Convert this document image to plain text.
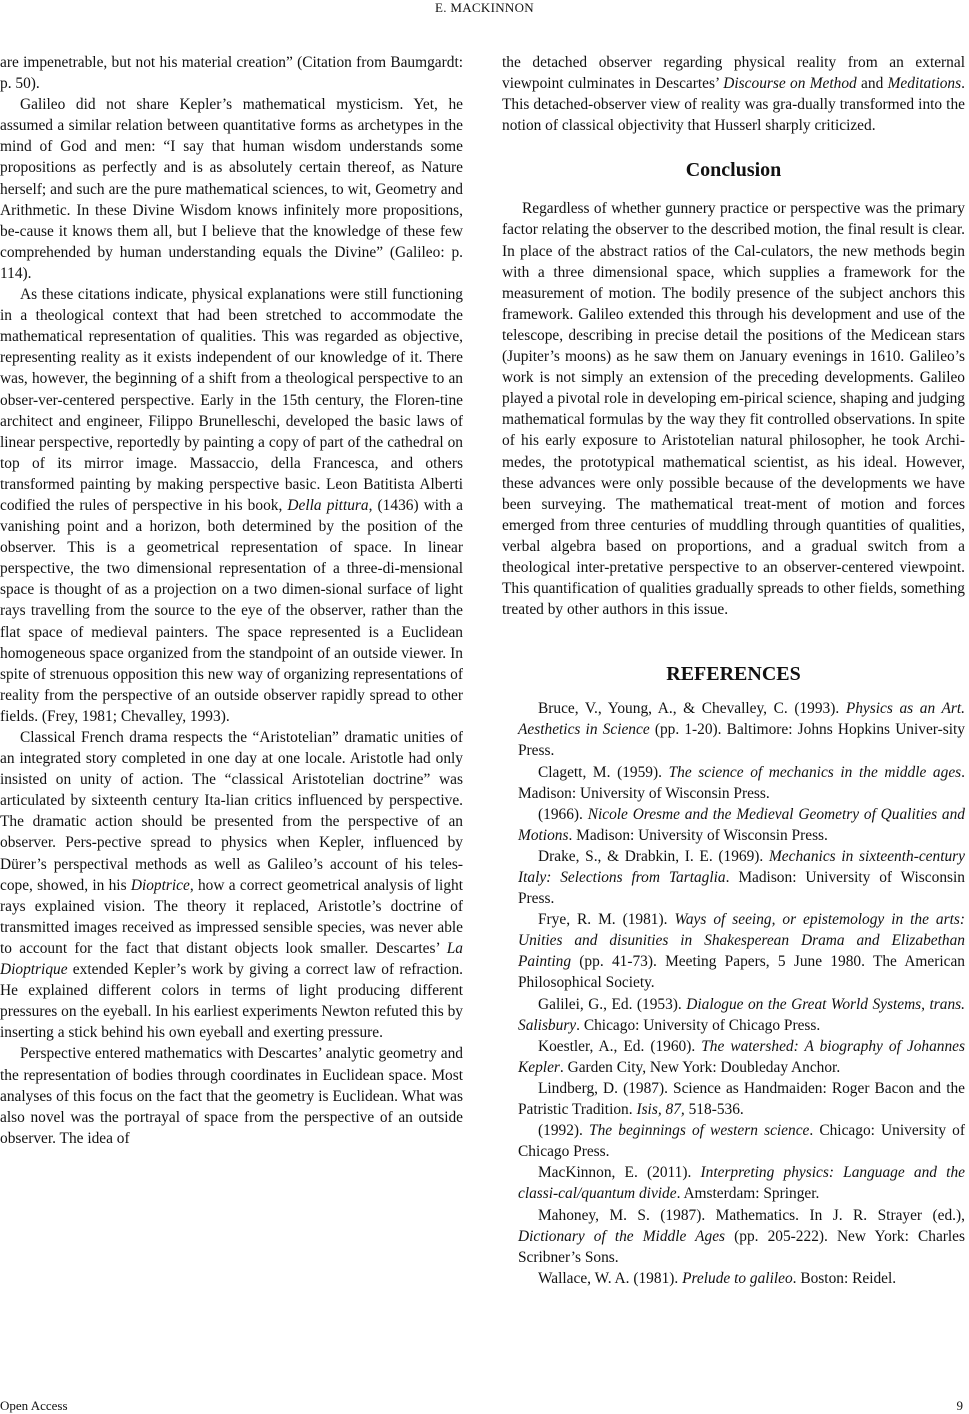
E. MACKINNON

are impenetrable, but not his material creation” (Citation from Baumgardt: p. 50).

Galileo did not share Kepler’s mathematical mysticism. Yet, he assumed a similar relation between quantitative forms as archetypes in the mind of God and men: “I say that human wisdom understands some propositions as perfectly and is as absolutely certain thereof, as Nature herself; and such are the pure mathematical sciences, to wit, Geometry and Arithmetic. In these Divine Wisdom knows infinitely more propositions, be-cause it knows them all, but I believe that the knowledge of these few comprehended by human understanding equals the Divine” (Galileo: p. 114).

As these citations indicate, physical explanations were still functioning in a theological context that had been stretched to accommodate the mathematical representation of qualities. This was regarded as objective, representing reality as it exists independent of our knowledge of it. There was, however, the beginning of a shift from a theological perspective to an obser-ver-centered perspective. Early in the 15th century, the Floren-tine architect and engineer, Filippo Brunelleschi, developed the basic laws of linear perspective, reportedly by painting a copy of part of the cathedral on top of its mirror image. Massaccio, della Francesca, and others transformed painting by making perspective basic. Leon Batitista Alberti codified the rules of perspective in his book, Della pittura, (1436) with a vanishing point and a horizon, both determined by the position of the observer. This is a geometrical representation of space. In linear perspective, the two dimensional representation of a three-di-mensional space is thought of as a projection on a two dimen-sional surface of light rays travelling from the source to the eye of the observer, rather than the flat space of medieval painters. The space represented is a Euclidean homogeneous space organized from the standpoint of an outside viewer. In spite of strenuous opposition this new way of organizing representations of reality from the perspective of an outside observer rapidly spread to other fields. (Frey, 1981; Chevalley, 1993).

Classical French drama respects the “Aristotelian” dramatic unities of an integrated story completed in one day at one locale. Aristotle had only insisted on unity of action. The “classical Aristotelian doctrine” was articulated by sixteenth century Ita-lian critics influenced by perspective. The dramatic action should be presented from the perspective of an observer. Pers-pective spread to physics when Kepler, influenced by Dürer’s perspectival methods as well as Galileo’s account of his teles-cope, showed, in his Dioptrice, how a correct geometrical analysis of light rays explained vision. The theory it replaced, Aristotle’s doctrine of transmitted images received as impressed sensible species, was never able to account for the fact that distant objects look smaller. Descartes’ La Dioptrique extended Kepler’s work by giving a correct law of refraction. He explained different colors in terms of light producing different pressures on the eyeball. In his earliest experiments Newton refuted this by inserting a stick behind his own eyeball and exerting pressure.

Perspective entered mathematics with Descartes’ analytic geometry and the representation of bodies through coordinates in Euclidean space. Most analyses of this focus on the fact that the geometry is Euclidean. What was also novel was the portrayal of space from the perspective of an outside observer. The idea of

the detached observer regarding physical reality from an external viewpoint culminates in Descartes’ Discourse on Method and Meditations. This detached-observer view of reality was gra-dually transformed into the notion of classical objectivity that Husserl sharply criticized.

Conclusion

Regardless of whether gunnery practice or perspective was the primary factor relating the observer to the described motion, the final result is clear. In place of the abstract ratios of the Cal-culators, the new methods begin with a three dimensional space, which supplies a framework for the measurement of motion. The bodily presence of the subject anchors this framework. Galileo extended this through his development and use of the telescope, describing in precise detail the positions of the Medicean stars (Jupiter’s moons) as he saw them on January evenings in 1610. Galileo’s work is not simply an extension of the preceding developments. Galileo played a pivotal role in developing em-pirical science, shaping and judging mathematical formulas by the way they fit controlled observations. In spite of his early exposure to Aristotelian natural philosopher, he took Archi-medes, the prototypical mathematical scientist, as his ideal. However, these advances were only possible because of the developments we have been surveying. The mathematical treat-ment of motion and forces emerged from three centuries of muddling through quantities of qualities, verbal algebra based on proportions, and a gradual switch from a theological inter-pretative perspective to an observer-centered viewpoint. This quantification of qualities gradually spreads to other fields, something treated by other authors in this issue.

REFERENCES

Bruce, V., Young, A., & Chevalley, C. (1993). Physics as an Art. Aesthetics in Science (pp. 1-20). Baltimore: Johns Hopkins Univer-sity Press.

Clagett, M. (1959). The science of mechanics in the middle ages. Madison: University of Wisconsin Press.

(1966). Nicole Oresme and the Medieval Geometry of Qualities and Motions. Madison: University of Wisconsin Press.

Drake, S., & Drabkin, I. E. (1969). Mechanics in sixteenth-century Italy: Selections from Tartaglia. Madison: University of Wisconsin Press.

Frye, R. M. (1981). Ways of seeing, or epistemology in the arts: Unities and disunities in Shakesperean Drama and Elizabethan Painting (pp. 41-73). Meeting Papers, 5 June 1980. The American Philosophical Society.

Galilei, G., Ed. (1953). Dialogue on the Great World Systems, trans. Salisbury. Chicago: University of Chicago Press.

Koestler, A., Ed. (1960). The watershed: A biography of Johannes Kepler. Garden City, New York: Doubleday Anchor.

Lindberg, D. (1987). Science as Handmaiden: Roger Bacon and the Patristic Tradition. Isis, 87, 518-536.

(1992). The beginnings of western science. Chicago: University of Chicago Press.

MacKinnon, E. (2011). Interpreting physics: Language and the classi-cal/quantum divide. Amsterdam: Springer.

Mahoney, M. S. (1987). Mathematics. In J. R. Strayer (ed.), Dictionary of the Middle Ages (pp. 205-222). New York: Charles Scribner’s Sons.

Wallace, W. A. (1981). Prelude to galileo. Boston: Reidel.

Open Access	9
